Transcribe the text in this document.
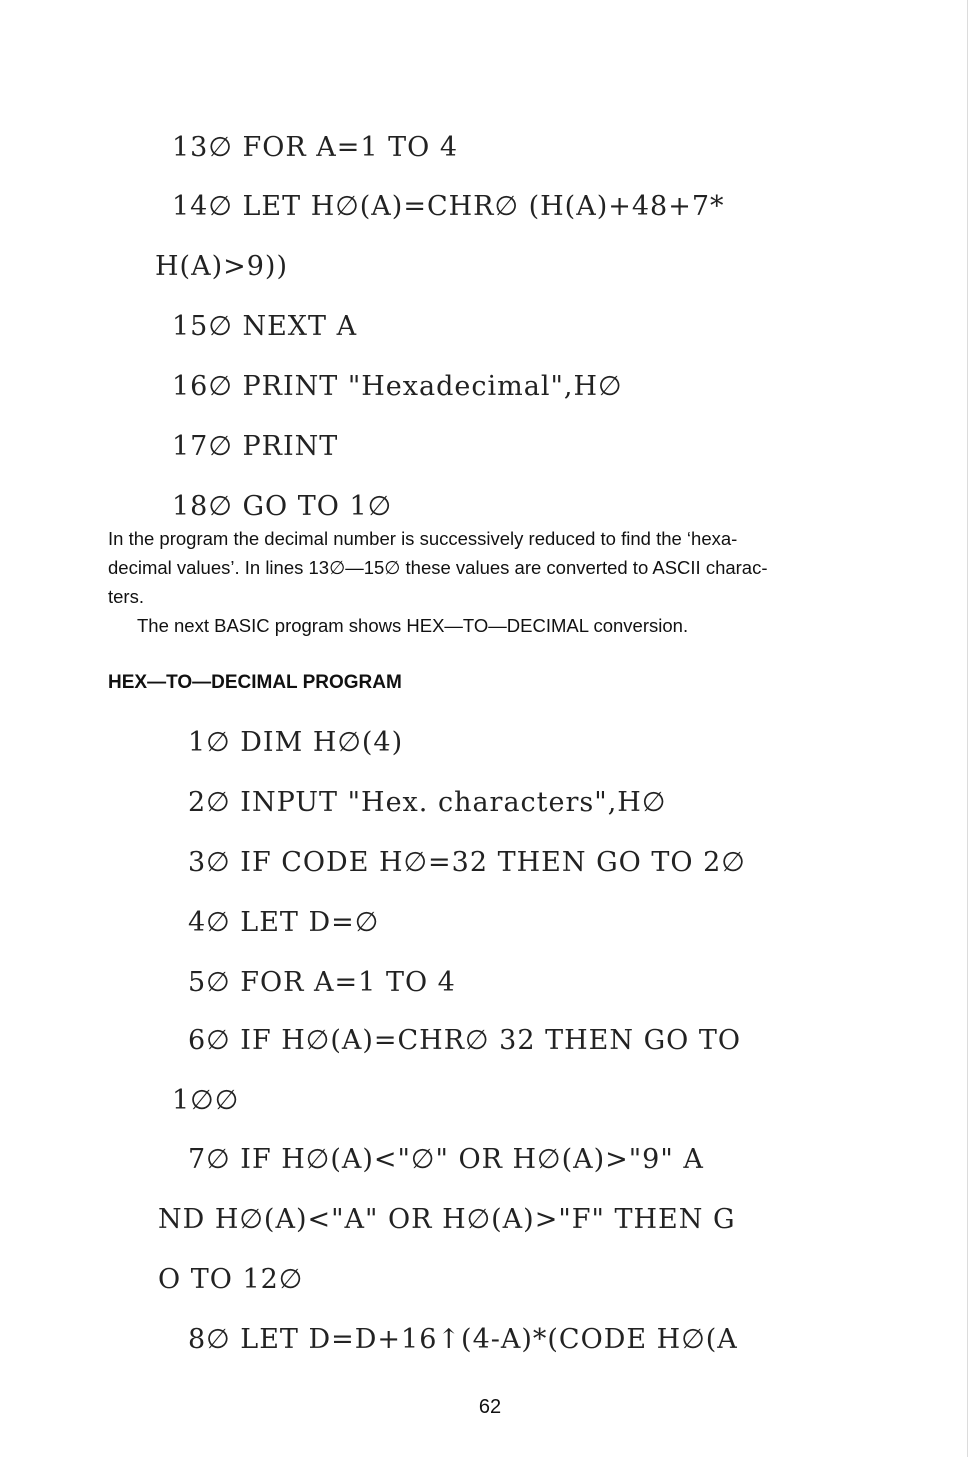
13∅ FOR A=1 TO 4
14∅ LET H∅(A)=CHR∅ (H(A)+48+7*
H(A)>9))
15∅ NEXT A
16∅ PRINT "Hexadecimal",H∅
17∅ PRINT
18∅ GO TO 1∅
In the program the decimal number is successively reduced to find the ‘hexa-
decimal values’. In lines 13∅—15∅ these values are converted to ASCII charac-
ters.
The next BASIC program shows HEX—TO—DECIMAL conversion.
HEX—TO—DECIMAL PROGRAM
1∅ DIM H∅(4)
2∅ INPUT "Hex. characters",H∅
3∅ IF CODE H∅=32 THEN GO TO 2∅
4∅ LET D=∅
5∅ FOR A=1 TO 4
6∅ IF H∅(A)=CHR∅ 32 THEN GO TO
1∅∅
7∅ IF H∅(A)<"∅" OR H∅(A)>"9" A
ND H∅(A)<"A" OR H∅(A)>"F" THEN G
O TO 12∅
8∅ LET D=D+16↑(4-A)*(CODE H∅(A
62
